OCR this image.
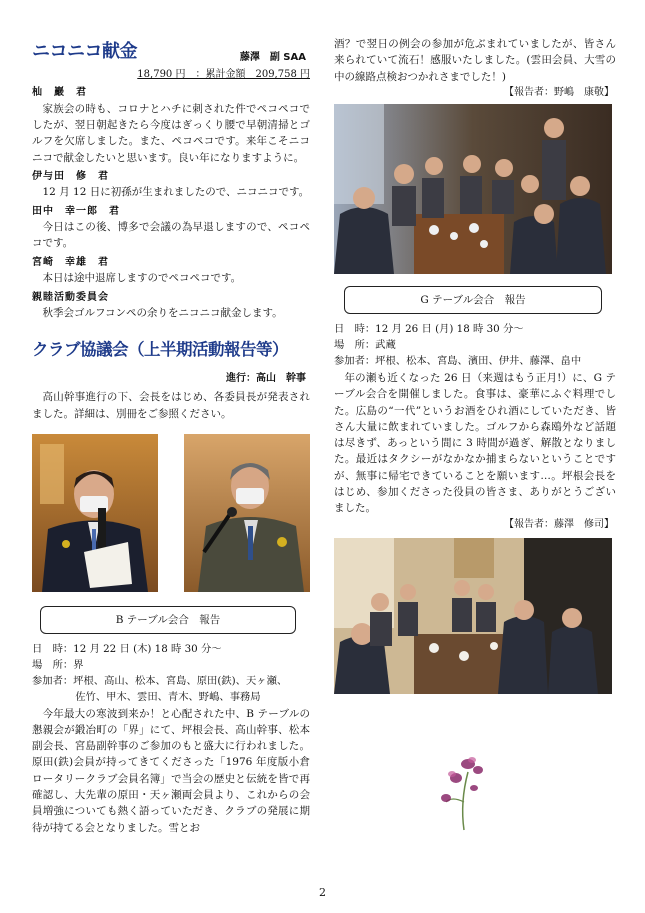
ニコニコ献金	藤澤　副 SAA
18,790 円　：累計金額　209,758 円
杣　巖　君
家族会の時も、コロナとハチに刺された件でペコペコでしたが、翌日朝起きたら今度はぎっくり腰で早朝清掃とゴルフを欠席しました。また、ペコペコです。来年こそニコニコで献金したいと思います。良い年になりますように。
伊与田　修　君
12 月 12 日に初孫が生まれましたので、ニコニコです。
田中　幸一郎　君
今日はこの後、博多で会議の為早退しますので、ペコペコです。
宮崎　幸雄　君
本日は途中退席しますのでペコペコです。
親睦活動委員会
秋季会ゴルフコンペの余りをニコニコ献金します。
クラブ協議会（上半期活動報告等）
進行：高山　幹事
高山幹事進行の下、会長をはじめ、各委員長が発表されました。詳細は、別冊をご参照ください。
B テーブル会合　報告
日　時：12 月 22 日 (木) 18 時 30 分～
場　所：界
参加者：坪根、高山、松本、宮島、原田(鉄)、天ヶ瀬、
佐竹、甲木、雲田、青木、野嶋、事務局
今年最大の寒波到来か！と心配された中、B テーブルの懇親会が鍛冶町の「界」にて、坪根会長、高山幹事、松本副会長、宮島副幹事のご参加のもと盛大に行われました。原田(鉄)会員が持ってきてくださった「1976 年度版小倉ロータリークラブ会員名簿」で当会の歴史と伝統を皆で再確認し、大先輩の原田・天ヶ瀬両会員より、これからの会員増強についても熱く語っていただき、クラブの発展に期待が持てる会となりました。雪とお
酒？で翌日の例会の参加が危ぶまれていましたが、皆さん来られていて流石！感服いたしました。(雲田会員、大雪の中の線路点検おつかれさまでした！)
【報告者：野嶋　康敬】
G テーブル会合　報告
日　時：12 月 26 日 (月) 18 時 30 分～
場　所：武蔵
参加者：坪根、松本、宮島、濱田、伊井、藤澤、畠中
年の瀬も近くなった 26 日（来週はもう正月!）に、G テーブル会合を開催しました。食事は、豪華にふぐ料理でした。広島の“一代”というお酒をひれ酒にしていただき、皆さん大量に飲まれていました。ゴルフから森鴎外など話題は尽きず、あっという間に 3 時間が過ぎ、解散となりました。最近はタクシーがなかなか捕まらないということですが、無事に帰宅できていることを願います…。坪根会長をはじめ、参加くださった役員の皆さま、ありがとうございました。
【報告者：藤澤　修司】
2
